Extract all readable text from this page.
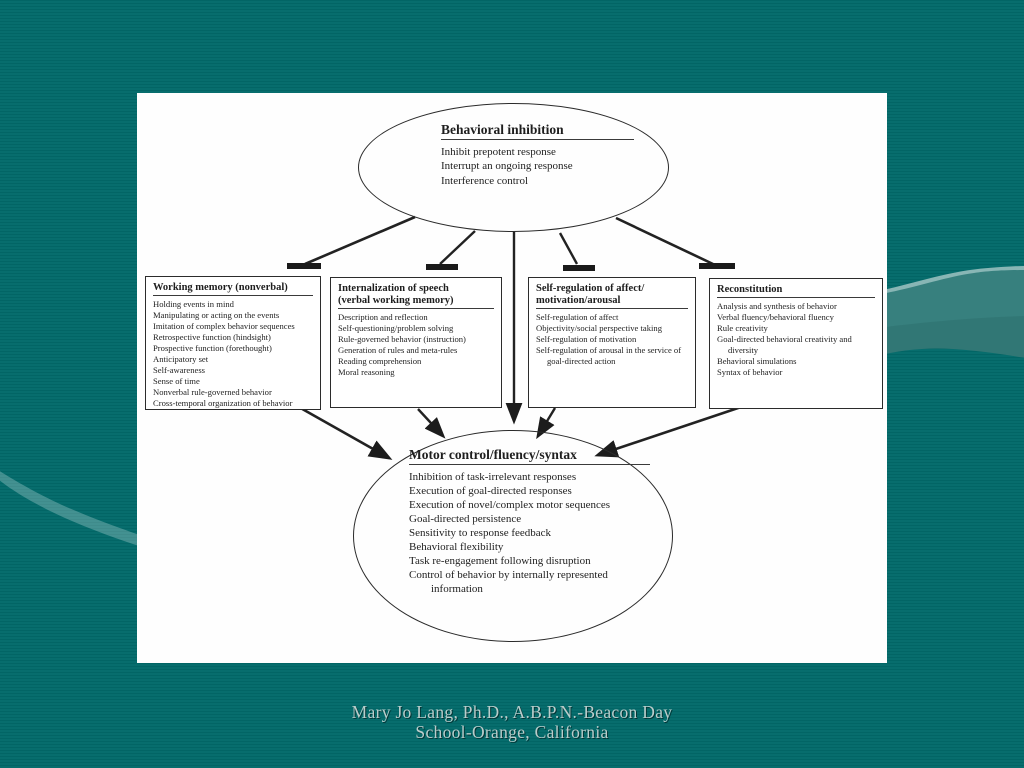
Behavioral inhibition
Inhibit prepotent response
Interrupt an ongoing response
Interference control
Working memory (nonverbal)
Holding events in mind
Manipulating or acting on the events
Imitation of complex behavior sequences
Retrospective function (hindsight)
Prospective function (forethought)
Anticipatory set
Self-awareness
Sense of time
Nonverbal rule-governed behavior
Cross-temporal organization of behavior
Internalization of speech
(verbal working memory)
Description and reflection
Self-questioning/problem solving
Rule-governed behavior (instruction)
Generation of rules and meta-rules
Reading comprehension
Moral reasoning
Self-regulation of affect/
motivation/arousal
Self-regulation of affect
Objectivity/social perspective taking
Self-regulation of motivation
Self-regulation of arousal in the service of goal-directed action
Reconstitution
Analysis and synthesis of behavior
Verbal fluency/behavioral fluency
Rule creativity
Goal-directed behavioral creativity and diversity
Behavioral simulations
Syntax of behavior
Motor control/fluency/syntax
Inhibition of task-irrelevant responses
Execution of goal-directed responses
Execution of novel/complex motor sequences
Goal-directed persistence
Sensitivity to response feedback
Behavioral flexibility
Task re-engagement following disruption
Control of behavior by internally represented information
Mary Jo Lang, Ph.D., A.B.P.N.-Beacon Day
School-Orange, California
